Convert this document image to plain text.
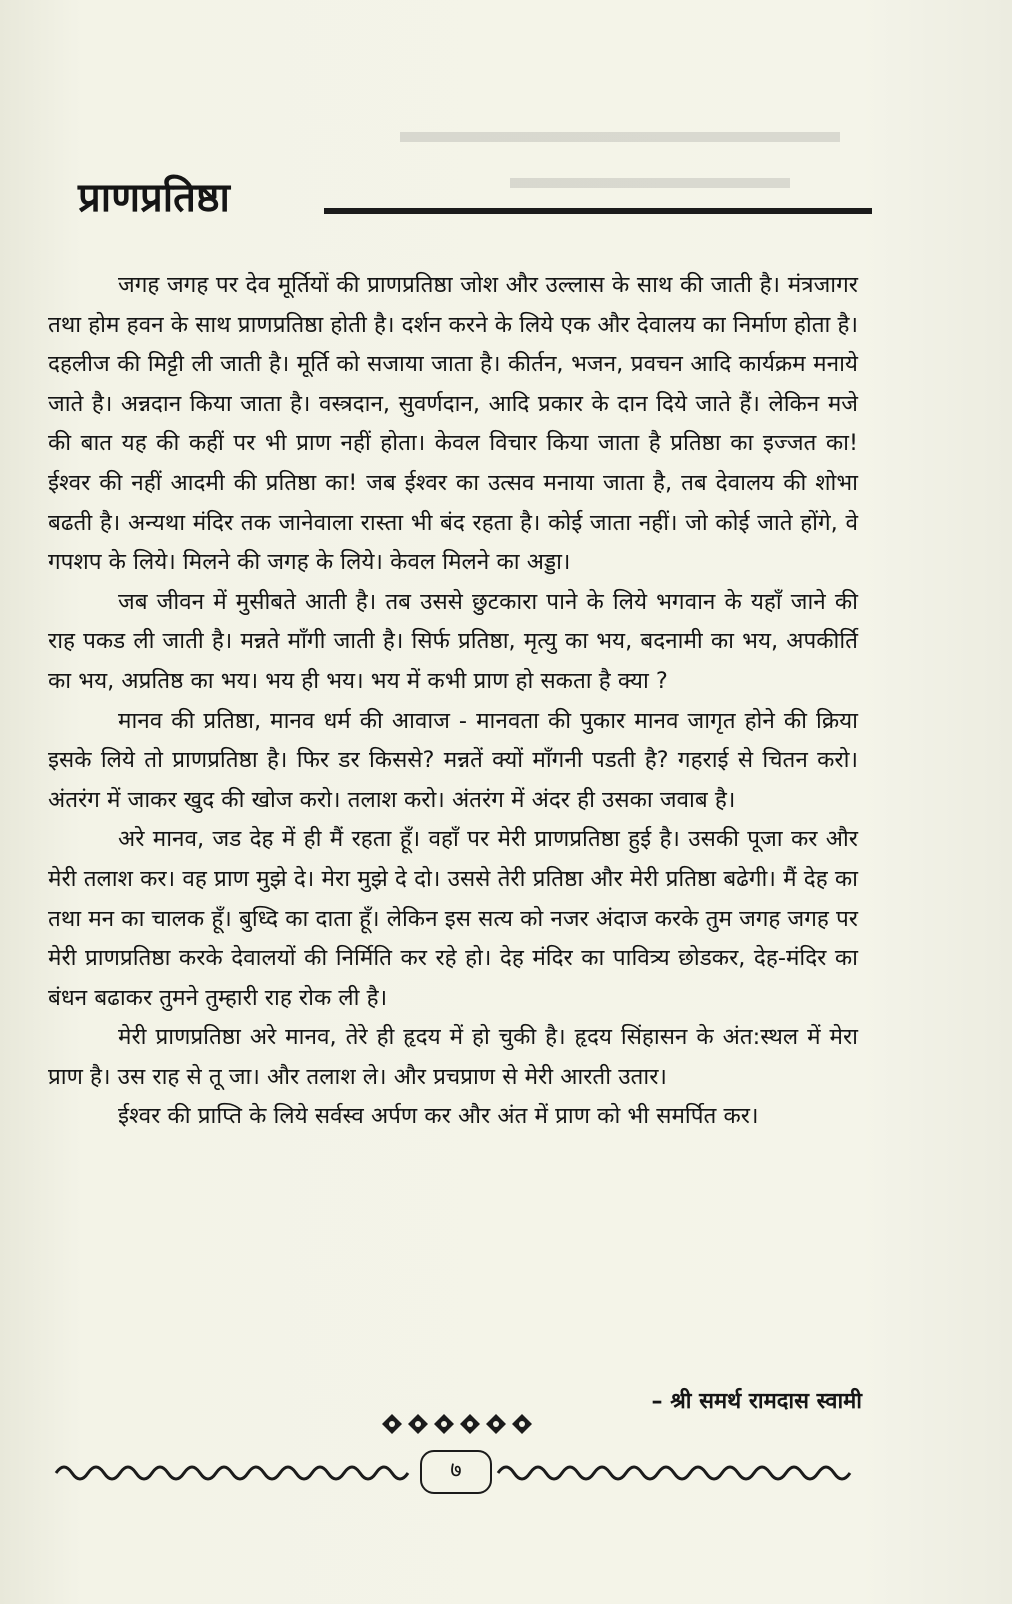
प्राणप्रतिष्ठा

जगह जगह पर देव मूर्तियों की प्राणप्रतिष्ठा जोश और उल्लास के साथ की जाती है। मंत्रजागर तथा होम हवन के साथ प्राणप्रतिष्ठा होती है। दर्शन करने के लिये एक और देवालय का निर्माण होता है। दहलीज की मिट्टी ली जाती है। मूर्ति को सजाया जाता है। कीर्तन, भजन, प्रवचन आदि कार्यक्रम मनाये जाते है। अन्नदान किया जाता है। वस्त्रदान, सुवर्णदान, आदि प्रकार के दान दिये जाते हैं। लेकिन मजे की बात यह की कहीं पर भी प्राण नहीं होता। केवल विचार किया जाता है प्रतिष्ठा का इज्जत का! ईश्वर की नहीं आदमी की प्रतिष्ठा का! जब ईश्वर का उत्सव मनाया जाता है, तब देवालय की शोभा बढती है। अन्यथा मंदिर तक जानेवाला रास्ता भी बंद रहता है। कोई जाता नहीं। जो कोई जाते होंगे, वे गपशप के लिये। मिलने की जगह के लिये। केवल मिलने का अड्डा।

जब जीवन में मुसीबते आती है। तब उससे छुटकारा पाने के लिये भगवान के यहाँ जाने की राह पकड ली जाती है। मन्नते माँगी जाती है। सिर्फ प्रतिष्ठा, मृत्यु का भय, बदनामी का भय, अपकीर्ति का भय, अप्रतिष्ठ का भय। भय ही भय। भय में कभी प्राण हो सकता है क्या ?

मानव की प्रतिष्ठा, मानव धर्म की आवाज - मानवता की पुकार मानव जागृत होने की क्रिया इसके लिये तो प्राणप्रतिष्ठा है। फिर डर किससे? मन्नतें क्यों माँगनी पडती है? गहराई से चितन करो। अंतरंग में जाकर खुद की खोज करो। तलाश करो। अंतरंग में अंदर ही उसका जवाब है।

अरे मानव, जड देह में ही मैं रहता हूँ। वहाँ पर मेरी प्राणप्रतिष्ठा हुई है। उसकी पूजा कर और मेरी तलाश कर। वह प्राण मुझे दे। मेरा मुझे दे दो। उससे तेरी प्रतिष्ठा और मेरी प्रतिष्ठा बढेगी। मैं देह का तथा मन का चालक हूँ। बुध्दि का दाता हूँ। लेकिन इस सत्य को नजर अंदाज करके तुम जगह जगह पर मेरी प्राणप्रतिष्ठा करके देवालयों की निर्मिति कर रहे हो। देह मंदिर का पावित्र्य छोडकर, देह-मंदिर का बंधन बढाकर तुमने तुम्हारी राह रोक ली है।

मेरी प्राणप्रतिष्ठा अरे मानव, तेरे ही हृदय में हो चुकी है। हृदय सिंहासन के अंत:स्थल में मेरा प्राण है। उस राह से तू जा। और तलाश ले। और प्रचप्राण से मेरी आरती उतार।

ईश्वर की प्राप्ति के लिये सर्वस्व अर्पण कर और अंत में प्राण को भी समर्पित कर।

– श्री समर्थ रामदास स्वामी
७
